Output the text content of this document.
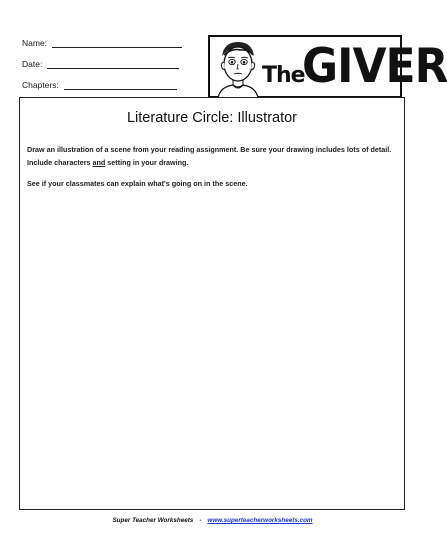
Name:
Date:
Chapters:	The
GIVER
Literature Circle: Illustrator
Draw an illustration of a scene from your reading assignment. Be sure your drawing includes lots of detail. Include characters and setting in your drawing.
See if your classmates can explain what's going on in the scene.
Super Teacher Worksheets - www.superteacherworksheets.com
